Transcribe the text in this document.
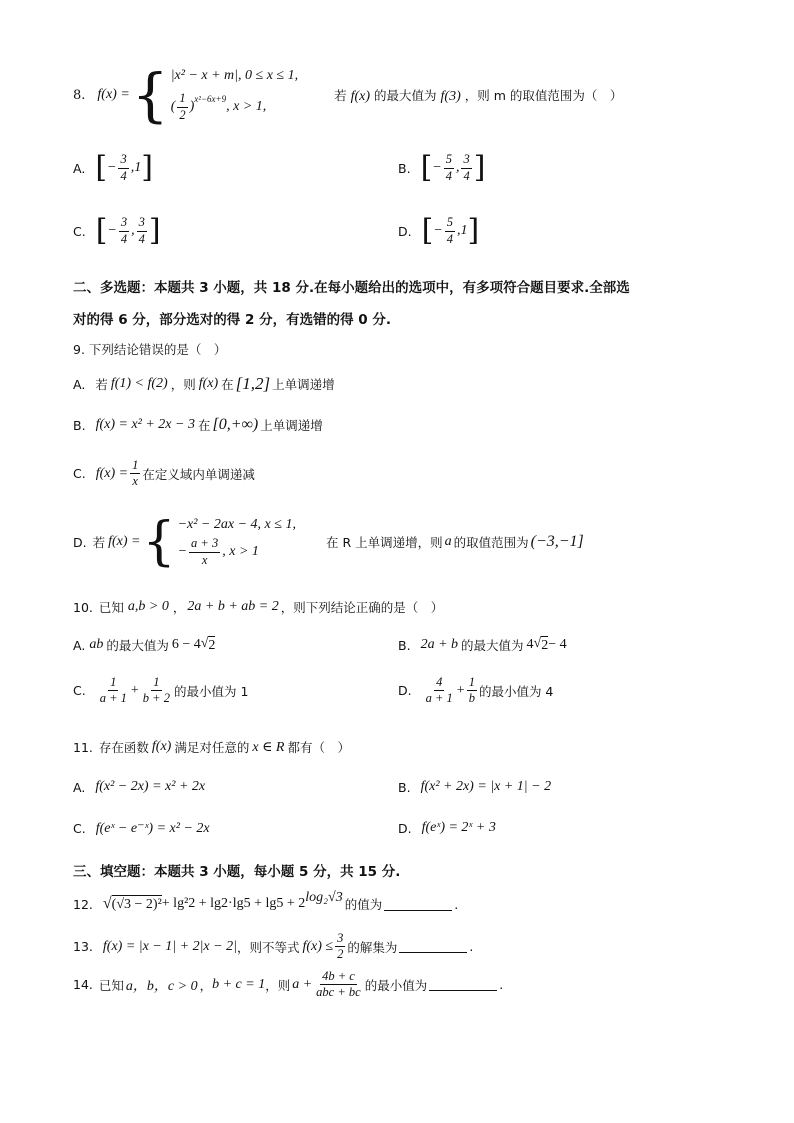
8. f(x) = { |x² − x + m|, 0 ≤ x ≤ 1,
( $\frac{1}{2} )^{x^2-6x+9}$ , x > 1,
若 f(x) 的最大值为 f(3) ，则 m 的取值范围为（　）
A. [ − $\frac{3}{4} ,1$ ]	B. [ − $\frac{5}{4}$ , $\frac{3}{4}$ ]
C. [ − $\frac{3}{4}$ , $\frac{3}{4}$ ]	D. [ − $\frac{5}{4} ,1$ ]
二、多选题：本题共 3 小题，共 18 分.在每小题给出的选项中，有多项符合题目要求.全部选
对的得 6 分，部分选对的得 2 分，有选错的得 0 分.
9. 下列结论错误的是（　）
A. 若 f(1) < f(2) ，则 f(x) 在 [1,2] 上单调递增
B. f(x) = x² + 2x − 3 在 [0,+∞) 上单调递增
C. $f(x) = \frac{1}{x}$ 在定义域内单调递减
D. 若 f(x) = { −x² − 2ax − 4, x ≤ 1,
− $\frac{a + 3}{x}$ , x > 1
在 R 上单调递增，则 a 的取值范围为 (−3,−1]
10. 已知 a,b > 0 ， 2a + b + ab = 2 ，则下列结论正确的是（　）
A. ab 的最大值为 6 − 4 √ 2	B. 2a + b 的最大值为 4 √ 2 − 4
C. $\frac{1}{a + 1} + \frac{1}{b + 2}$ 的最小值为 1	D. $\frac{4}{a + 1} + \frac{1}{b}$ 的最小值为 4
11. 存在函数 f(x) 满足对任意的 x ∈ R 都有（　）
A. f(x² − 2x) = x² + 2x	B. f(x² + 2x) = |x + 1| − 2
C. f(eˣ − e⁻ˣ) = x² − 2x	D. f(eˣ) = 2ˣ + 3
三、填空题：本题共 3 小题，每小题 5 分，共 15 分.
12. √ $(√3 - 2)^2 + \lg^22 + \lg 2\cdot\lg 5 + \lg 5 + 2^{log_2√3}$ 的值为	.
13. f(x) = |x − 1| + 2|x − 2| ，则不等式 $f(x) \le \frac{3}{2}$ 的解集为	.
14. 已知 a，b，c > 0 ， b + c = 1 ，则 $a + \frac{4b + c}{\text{abc + bc}}$ 的最小值为	.
